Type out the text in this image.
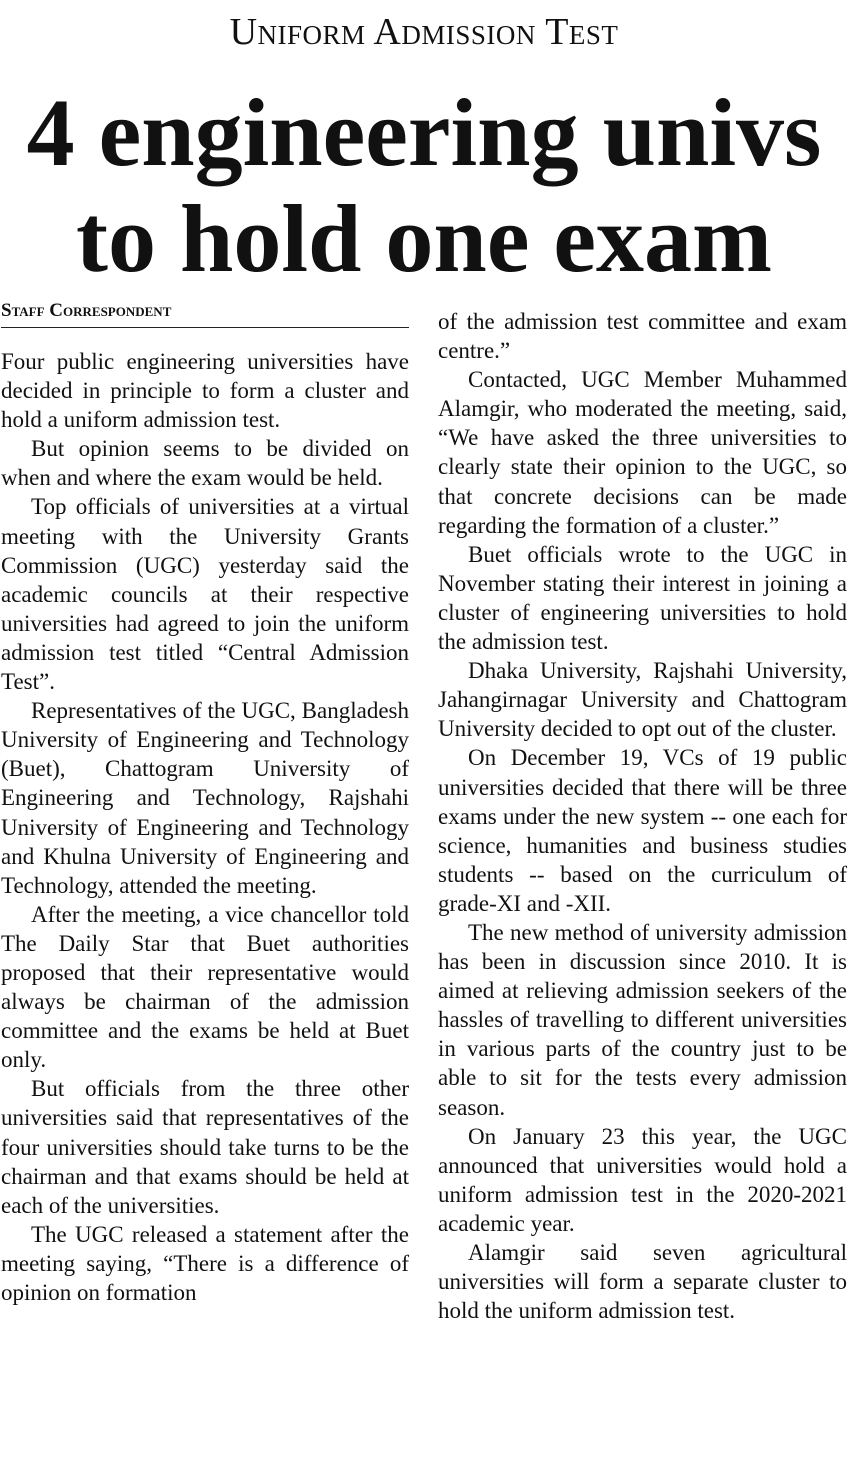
Uniform Admission Test
4 engineering univs
to hold one exam
Staff Correspondent

Four public engineering universities have decided in principle to form a cluster and hold a uniform admission test.

But opinion seems to be divided on when and where the exam would be held.

Top officials of universities at a virtual meeting with the University Grants Commission (UGC) yesterday said the academic councils at their respective universities had agreed to join the uniform admission test titled “Central Admission Test”.

Representatives of the UGC, Bangladesh University of Engineering and Technology (Buet), Chattogram University of Engineering and Technology, Rajshahi University of Engineering and Technology and Khulna University of Engineering and Technology, attended the meeting.

After the meeting, a vice chancellor told The Daily Star that Buet authorities proposed that their representative would always be chairman of the admission committee and the exams be held at Buet only.

But officials from the three other universities said that representatives of the four universities should take turns to be the chairman and that exams should be held at each of the universities.

The UGC released a statement after the meeting saying, “There is a difference of opinion on formation

of the admission test committee and exam centre.”

Contacted, UGC Member Muhammed Alamgir, who moderated the meeting, said, “We have asked the three universities to clearly state their opinion to the UGC, so that concrete decisions can be made regarding the formation of a cluster.”

Buet officials wrote to the UGC in November stating their interest in joining a cluster of engineering universities to hold the admission test.

Dhaka University, Rajshahi University, Jahangirnagar University and Chattogram University decided to opt out of the cluster.

On December 19, VCs of 19 public universities decided that there will be three exams under the new system -- one each for science, humanities and business studies students -- based on the curriculum of grade-XI and -XII.

The new method of university admission has been in discussion since 2010. It is aimed at relieving admission seekers of the hassles of travelling to different universities in various parts of the country just to be able to sit for the tests every admission season.

On January 23 this year, the UGC announced that universities would hold a uniform admission test in the 2020-2021 academic year.

Alamgir said seven agricultural universities will form a separate cluster to hold the uniform admission test.
